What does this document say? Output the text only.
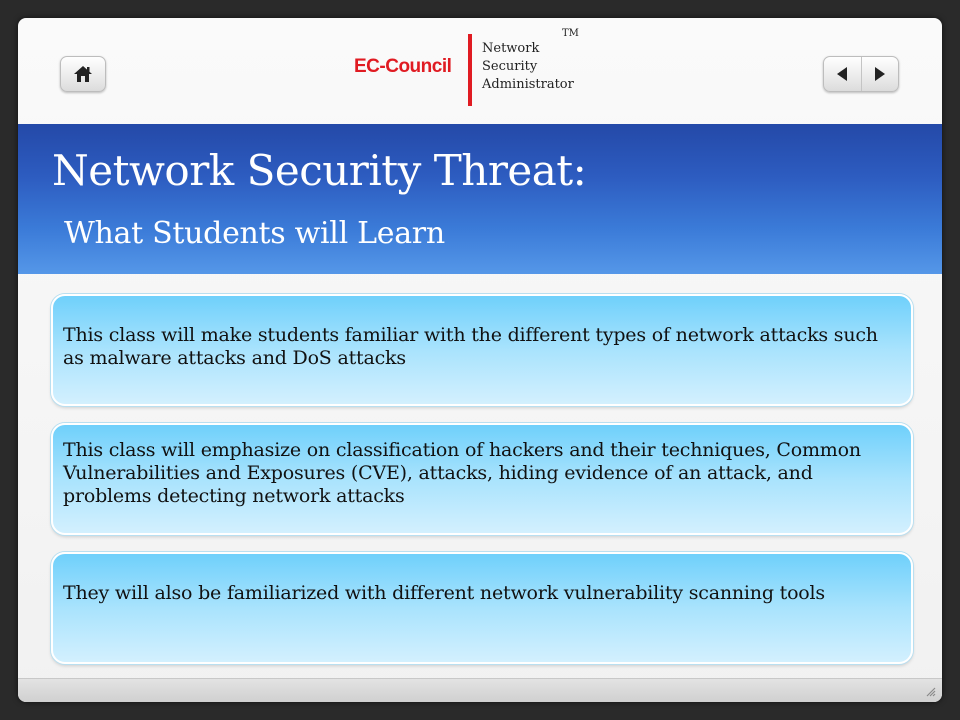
EC-Council
TM
Network
Security
Administrator
Network Security Threat:
What Students will Learn
This class will make students familiar with the different types of network attacks such as malware attacks and DoS attacks
This class will emphasize on classification of hackers and their techniques, Common Vulnerabilities and Exposures (CVE), attacks, hiding evidence of an attack, and problems detecting network attacks
They will also be familiarized with different network vulnerability scanning tools
